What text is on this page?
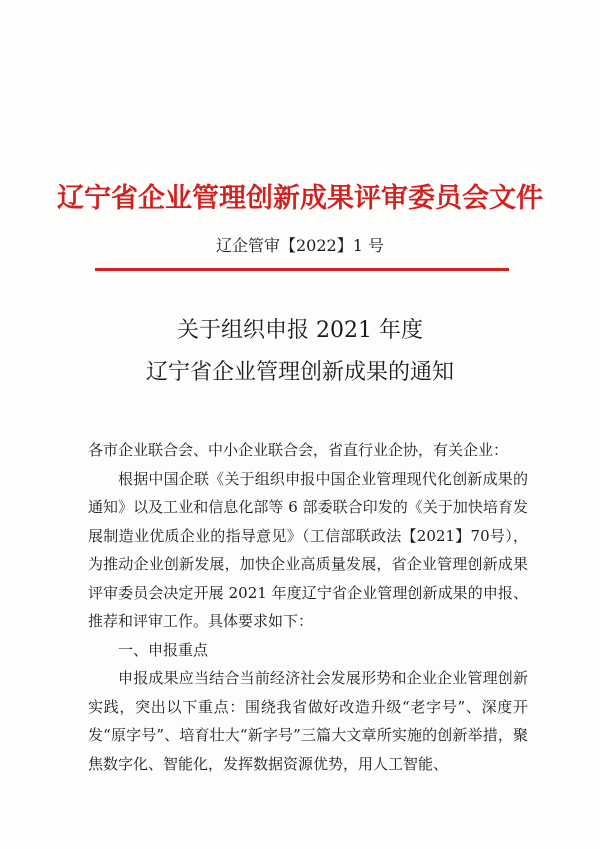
辽宁省企业管理创新成果评审委员会文件
辽企管审【2022】1 号
关于组织申报 2021 年度
辽宁省企业管理创新成果的通知

各市企业联合会、中小企业联合会，省直行业企协，有关企业：

根据中国企联《关于组织申报中国企业管理现代化创新成果的通知》以及工业和信息化部等 6 部委联合印发的《关于加快培育发展制造业优质企业的指导意见》（工信部联政法【2021】70号），为推动企业创新发展，加快企业高质量发展，省企业管理创新成果评审委员会决定开展 2021 年度辽宁省企业管理创新成果的申报、推荐和评审工作。具体要求如下：

一、申报重点

申报成果应当结合当前经济社会发展形势和企业企业管理创新实践，突出以下重点：围绕我省做好改造升级“老字号”、深度开发“原字号”、培育壮大“新字号”三篇大文章所实施的创新举措，聚焦数字化、智能化，发挥数据资源优势，用人工智能、
